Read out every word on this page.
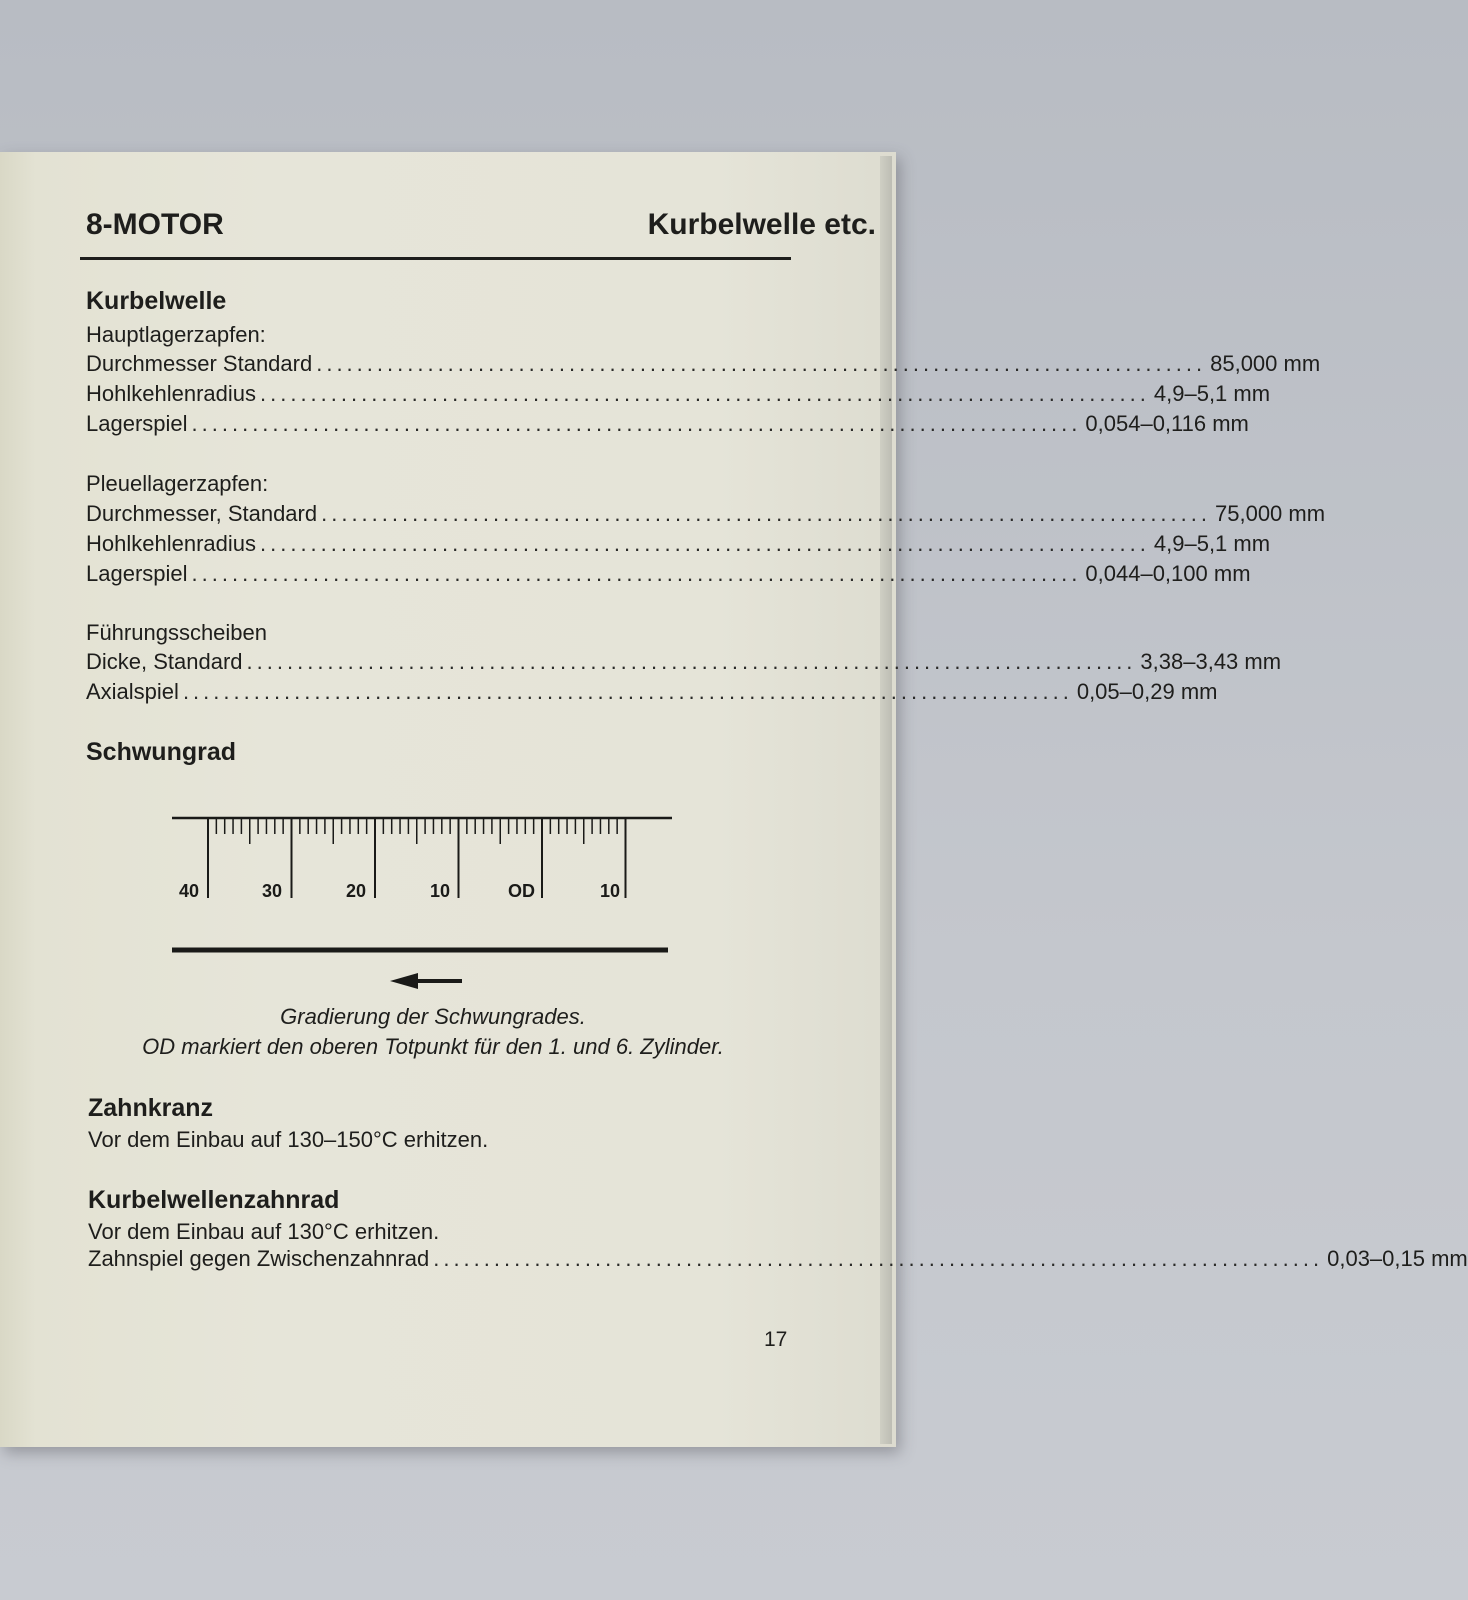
8-MOTOR	Kurbelwelle etc.
Kurbelwelle
Hauptlagerzapfen:
Durchmesser Standard ........................................................................................ 85,000 mm
Hohlkehlenradius ........................................................................................ 4,9–5,1 mm
Lagerspiel ........................................................................................ 0,054–0,116 mm
Pleuellagerzapfen:
Durchmesser, Standard ........................................................................................ 75,000 mm
Hohlkehlenradius ........................................................................................ 4,9–5,1 mm
Lagerspiel ........................................................................................ 0,044–0,100 mm
Führungsscheiben
Dicke, Standard ........................................................................................ 3,38–3,43 mm
Axialspiel ........................................................................................ 0,05–0,29 mm
Schwungrad
40	30	20	10	OD	10
Gradierung der Schwungrades.
OD markiert den oberen Totpunkt für den 1. und 6. Zylinder.
Zahnkranz
Vor dem Einbau auf 130–150°C erhitzen.
Kurbelwellenzahnrad
Vor dem Einbau auf 130°C erhitzen.
Zahnspiel gegen Zwischenzahnrad ........................................................................................ 0,03–0,15 mm
17
